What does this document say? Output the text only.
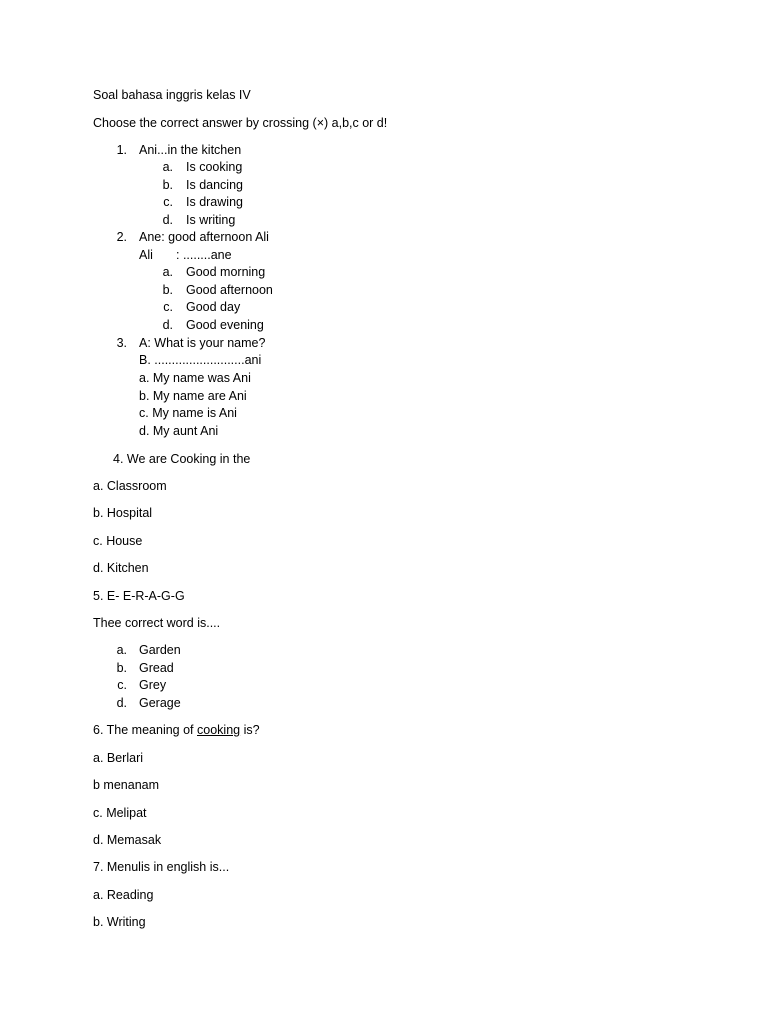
Soal bahasa inggris kelas IV
Choose the correct answer by crossing (×) a,b,c or d!
1. Ani...in the kitchen
a. Is cooking
b. Is dancing
c. Is drawing
d. Is writing
2. Ane: good afternoon Ali
Ali : ........ane
a. Good morning
b. Good afternoon
c. Good day
d. Good evening
3. A: What is your name?
B. ..........................ani
a. My name was Ani
b. My name are Ani
c. My name is Ani
d. My aunt Ani
4. We are Cooking in the
a. Classroom
b. Hospital
c. House
d. Kitchen
5. E- E-R-A-G-G
Thee correct word is....
a. Garden
b. Gread
c. Grey
d. Gerage
6. The meaning of cooking is?
a. Berlari
b menanam
c. Melipat
d. Memasak
7. Menulis in english is...
a. Reading
b. Writing
